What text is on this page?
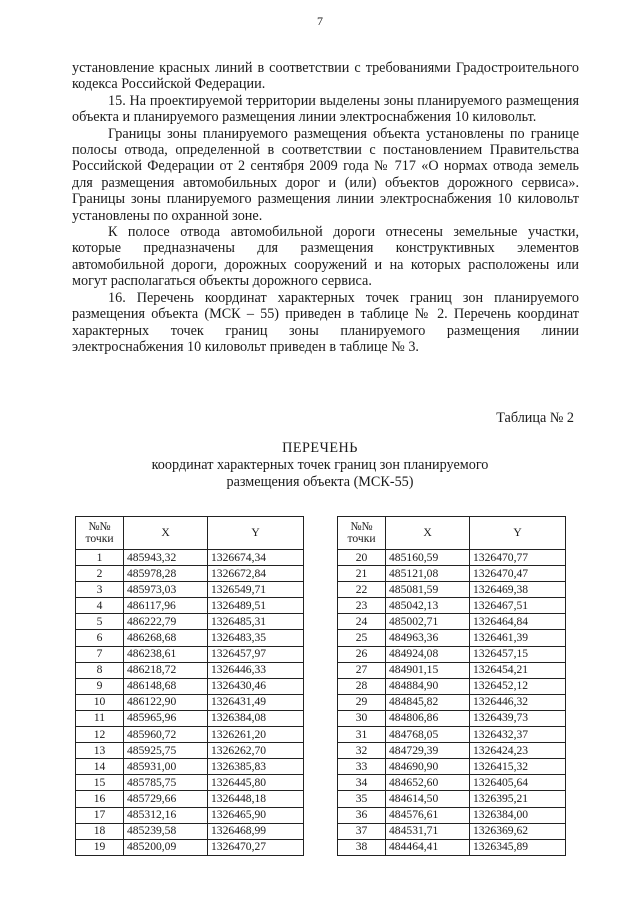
7

установление красных линий в соответствии с требованиями Градостроительного кодекса Российской Федерации.

15. На проектируемой территории выделены зоны планируемого размещения объекта и планируемого размещения линии электроснабжения 10 киловольт.

Границы зоны планируемого размещения объекта установлены по границе полосы отвода, определенной в соответствии с постановлением Правительства Российской Федерации от 2 сентября 2009 года № 717 «О нормах отвода земель для размещения автомобильных дорог и (или) объектов дорожного сервиса». Границы зоны планируемого размещения линии электроснабжения 10 киловольт установлены по охранной зоне.

К полосе отвода автомобильной дороги отнесены земельные участки, которые предназначены для размещения конструктивных элементов автомобильной дороги, дорожных сооружений и на которых расположены или могут располагаться объекты дорожного сервиса.

16. Перечень координат характерных точек границ зон планируемого размещения объекта (МСК – 55) приведен в таблице № 2. Перечень координат характерных точек границ зоны планируемого размещения линии электроснабжения 10 киловольт приведен в таблице № 3.

Таблица № 2
ПЕРЕЧЕНЬ
координат характерных точек границ зон планируемого
размещения объекта (МСК-55)
№№ точки	X	Y
1	485943,32	1326674,34
2	485978,28	1326672,84
3	485973,03	1326549,71
4	486117,96	1326489,51
5	486222,79	1326485,31
6	486268,68	1326483,35
7	486238,61	1326457,97
8	486218,72	1326446,33
9	486148,68	1326430,46
10	486122,90	1326431,49
11	485965,96	1326384,08
12	485960,72	1326261,20
13	485925,75	1326262,70
14	485931,00	1326385,83
15	485785,75	1326445,80
16	485729,66	1326448,18
17	485312,16	1326465,90
18	485239,58	1326468,99
19	485200,09	1326470,27
№№ точки	X	Y
20	485160,59	1326470,77
21	485121,08	1326470,47
22	485081,59	1326469,38
23	485042,13	1326467,51
24	485002,71	1326464,84
25	484963,36	1326461,39
26	484924,08	1326457,15
27	484901,15	1326454,21
28	484884,90	1326452,12
29	484845,82	1326446,32
30	484806,86	1326439,73
31	484768,05	1326432,37
32	484729,39	1326424,23
33	484690,90	1326415,32
34	484652,60	1326405,64
35	484614,50	1326395,21
36	484576,61	1326384,00
37	484531,71	1326369,62
38	484464,41	1326345,89
